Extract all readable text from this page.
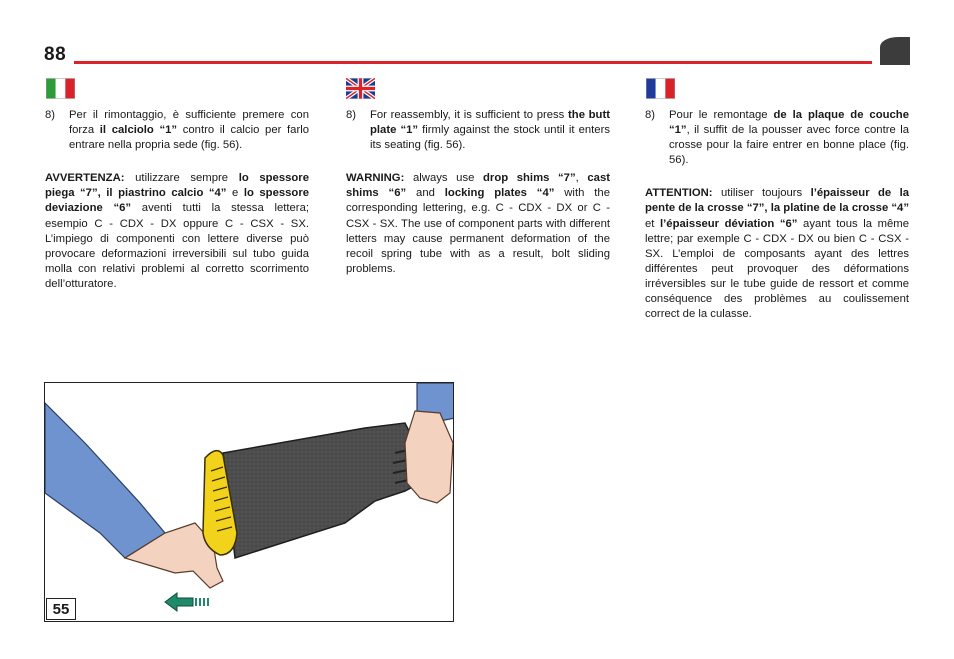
88
8)	Per il rimontaggio, è sufficiente premere con forza il calciolo “1” contro il calcio per farlo entrare nella propria sede (fig. 56).

AVVERTENZA: utilizzare sempre lo spessore piega “7”, il piastrino calcio “4” e lo spessore deviazione “6” aventi tutti la stessa lettera; esempio C - CDX - DX oppure C - CSX - SX. L’impiego di componenti con lettere diverse può provocare deformazioni irreversibili sul tubo guida molla con relativi problemi al corretto scorrimento dell’otturatore.

8)	For reassembly, it is sufficient to press the butt plate “1” firmly against the stock until it enters its seating (fig. 56).

WARNING: always use drop shims “7”, cast shims “6” and locking plates “4” with the corresponding lettering, e.g. C - CDX - DX or C - CSX - SX. The use of component parts with different letters may cause permanent deformation of the recoil spring tube with as a result, bolt sliding problems.

8)	Pour le remontage de la plaque de couche “1”, il suffit de la pousser avec force contre la crosse pour la faire entrer en bonne place (fig. 56).

ATTENTION: utiliser toujours l’épaisseur de la pente de la crosse “7”, la platine de la crosse “4” et l’épaisseur déviation “6” ayant tous la même lettre; par exemple C - CDX - DX ou bien C - CSX - SX. L’emploi de composants ayant des lettres différentes peut provoquer des déformations irréversibles sur le tube guide de ressort et comme conséquence des problèmes au coulissement correct de la culasse.

55
